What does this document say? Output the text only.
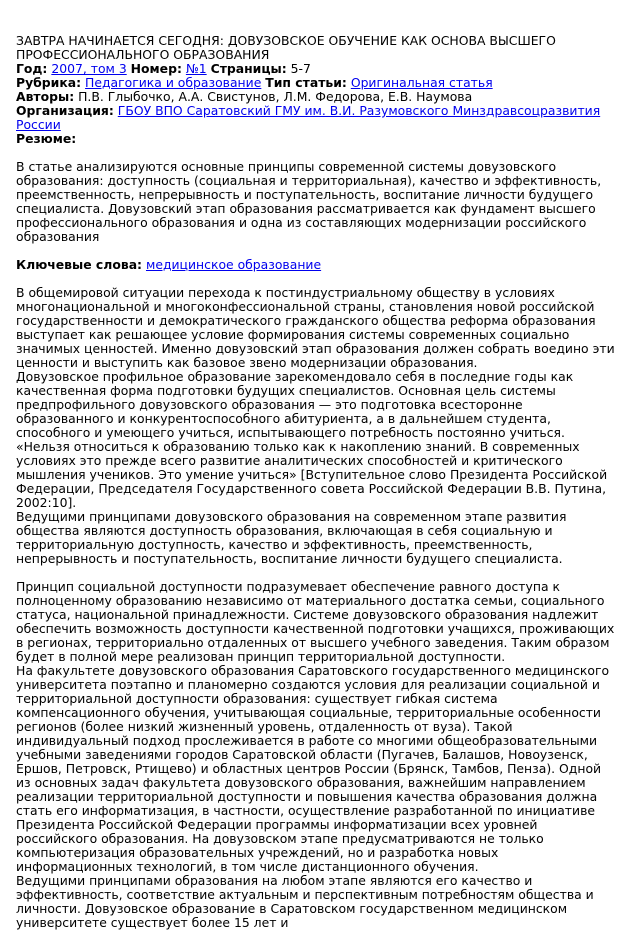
ЗАВТРА НАЧИНАЕТСЯ СЕГОДНЯ: ДОВУЗОВСКОЕ ОБУЧЕНИЕ КАК ОСНОВА ВЫСШЕГО ПРОФЕССИОНАЛЬНОГО ОБРАЗОВАНИЯ

Год: 2007, том 3 Номер: №1 Страницы: 5-7

Рубрика: Педагогика и образование Тип статьи: Оригинальная статья

Авторы: П.В. Глыбочко, А.А. Свистунов, Л.М. Федорова, Е.В. Наумова

Организация: ГБОУ ВПО Саратовский ГМУ им. В.И. Разумовского Минздравсоцразвития России

Резюме:

В статье анализируются основные принципы современной системы довузовского образования: доступность (социальная и территориальная), качество и эффективность, преемственность, непрерывность и поступательность, воспитание личности будущего специалиста. Довузовский этап образования рассматривается как фундамент высшего профессионального образования и одна из составляющих модернизации российского образования

Ключевые слова: медицинское образование

В общемировой ситуации перехода к постиндустриальному обществу в условиях многонациональной и многоконфессиональной страны, становления новой российской государственности и демократического гражданского общества реформа образования выступает как решающее условие формирования системы современных социально значимых ценностей. Именно довузовский этап образования должен собрать воедино эти ценности и выступить как базовое звено модернизации образования.

Довузовское профильное образование зарекомендовало себя в последние годы как качественная форма подготовки будущих специалистов. Основная цель системы предпрофильного довузовского образования — это подготовка всесторонне образованного и конкурентоспособного абитуриента, а в дальнейшем студента, способного и умеющего учиться, испытывающего потребность постоянно учиться. «Нельзя относиться к образованию только как к накоплению знаний. В современных условиях это прежде всего развитие аналитических способностей и критического мышления учеников. Это умение учиться» [Вступительное слово Президента Российской Федерации, Председателя Государственного совета Российской Федерации В.В. Путина, 2002:10].

Ведущими принципами довузовского образования на современном этапе развития общества являются доступность образования, включающая в себя социальную и территориальную доступность, качество и эффективность, преемственность, непрерывность и поступательность, воспитание личности будущего специалиста.

Принцип социальной доступности подразумевает обеспечение равного доступа к полноценному образованию независимо от материального достатка семьи, социального статуса, национальной принадлежности. Системе довузовского образования надлежит обеспечить возможность доступности качественной подготовки учащихся, проживающих в регионах, территориально отдаленных от высшего учебного заведения. Таким образом будет в полной мере реализован принцип территориальной доступности.

На факультете довузовского образования Саратовского государственного медицинского университета поэтапно и планомерно создаются условия для реализации социальной и территориальной доступности образования: существует гибкая система компенсационного обучения, учитывающая социальные, территориальные особенности регионов (более низкий жизненный уровень, отдаленность от вуза). Такой индивидуальный подход прослеживается в работе со многими общеобразовательными учебными заведениями городов Саратовской области (Пугачев, Балашов, Новоузенск, Ершов, Петровск, Ртищево) и областных центров России (Брянск, Тамбов, Пенза). Одной из основных задач факультета довузовского образования, важнейшим направлением реализации территориальной доступности и повышения качества образования должна стать его информатизация, в частности, осуществление разработанной по инициативе Президента Российской Федерации программы информатизации всех уровней российского образования. На довузовском этапе предусматриваются не только компьютеризация образовательных учреждений, но и разработка новых информационных технологий, в том числе дистанционного обучения.

Ведущими принципами образования на любом этапе являются его качество и эффективность, соответствие актуальным и перспективным потребностям общества и личности. Довузовское образование в Саратовском государственном медицинском университете существует более 15 лет и
